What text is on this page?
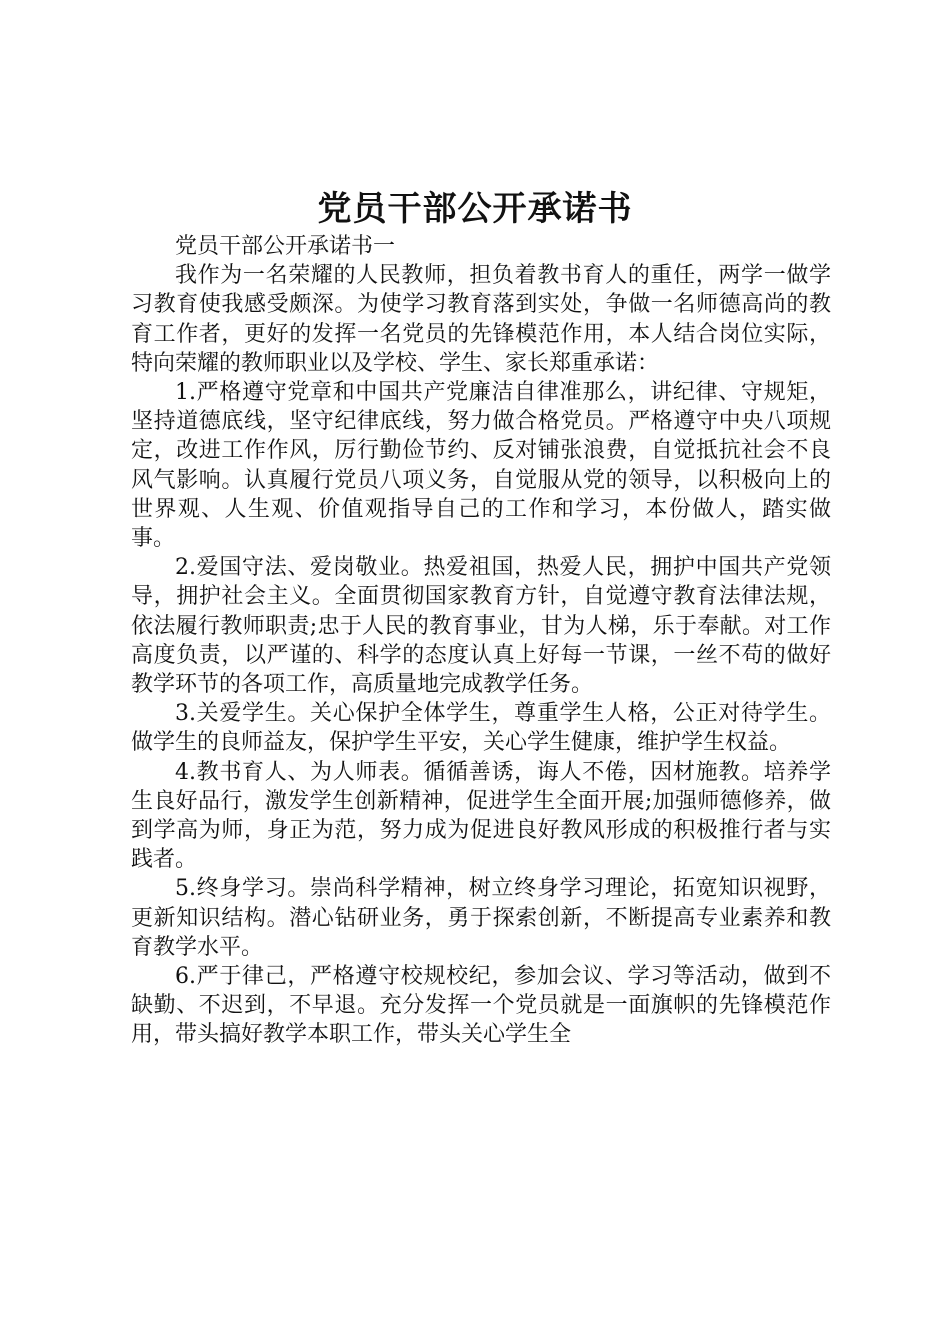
党员干部公开承诺书

党员干部公开承诺书一

我作为一名荣耀的人民教师，担负着教书育人的重任，两学一做学习教育使我感受颇深。为使学习教育落到实处，争做一名师德高尚的教育工作者，更好的发挥一名党员的先锋模范作用，本人结合岗位实际，特向荣耀的教师职业以及学校、学生、家长郑重承诺：

1.严格遵守党章和中国共产党廉洁自律准那么，讲纪律、守规矩，坚持道德底线，坚守纪律底线，努力做合格党员。严格遵守中央八项规定，改进工作作风，厉行勤俭节约、反对铺张浪费，自觉抵抗社会不良风气影响。认真履行党员八项义务，自觉服从党的领导，以积极向上的世界观、人生观、价值观指导自己的工作和学习，本份做人，踏实做事。

2.爱国守法、爱岗敬业。热爱祖国，热爱人民，拥护中国共产党领导，拥护社会主义。全面贯彻国家教育方针，自觉遵守教育法律法规，依法履行教师职责;忠于人民的教育事业，甘为人梯，乐于奉献。对工作高度负责，以严谨的、科学的态度认真上好每一节课，一丝不苟的做好教学环节的各项工作，高质量地完成教学任务。

3.关爱学生。关心保护全体学生，尊重学生人格，公正对待学生。做学生的良师益友，保护学生平安，关心学生健康，维护学生权益。

4.教书育人、为人师表。循循善诱，诲人不倦，因材施教。培养学生良好品行，激发学生创新精神，促进学生全面开展;加强师德修养，做到学高为师，身正为范，努力成为促进良好教风形成的积极推行者与实践者。

5.终身学习。崇尚科学精神，树立终身学习理论，拓宽知识视野，更新知识结构。潜心钻研业务，勇于探索创新，不断提高专业素养和教育教学水平。

6.严于律己，严格遵守校规校纪，参加会议、学习等活动，做到不缺勤、不迟到，不早退。充分发挥一个党员就是一面旗帜的先锋模范作用，带头搞好教学本职工作，带头关心学生全
